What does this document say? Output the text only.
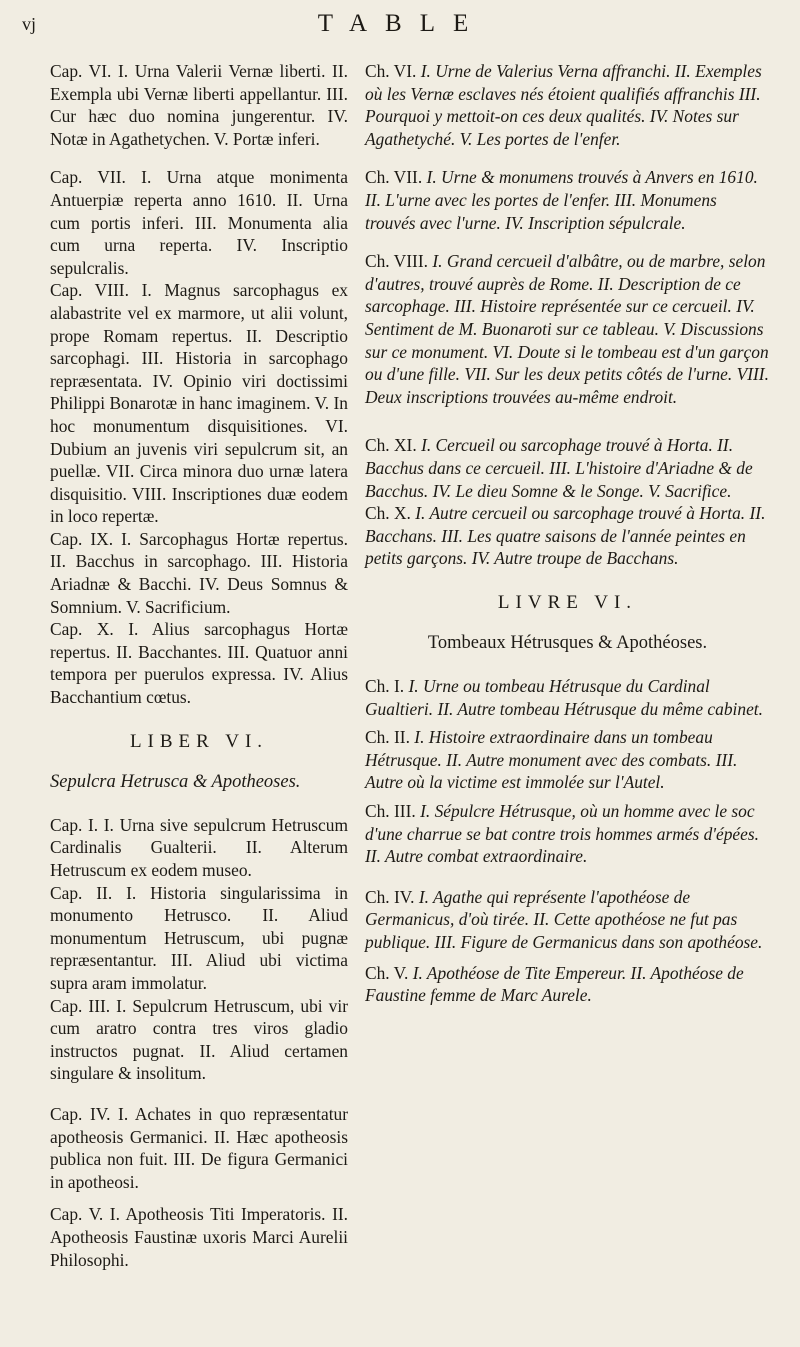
vj	TABLE

Cap. VI. I. Urna Valerii Vernæ liberti. II. Exempla ubi Vernæ liberti appellantur. III. Cur hæc duo nomina jungerentur. IV. Notæ in Agathetychen. V. Portæ inferi.

Cap. VII. I. Urna atque monimenta Antuerpiæ reperta anno 1610. II. Urna cum portis inferi. III. Monumenta alia cum urna reperta. IV. Inscriptio sepulcralis.

Cap. VIII. I. Magnus sarcophagus ex alabastrite vel ex marmore, ut alii volunt, prope Romam repertus. II. Descriptio sarcophagi. III. Historia in sarcophago repræsentata. IV. Opinio viri doctissimi Philippi Bonarotæ in hanc imaginem. V. In hoc monumentum disquisitiones. VI. Dubium an juvenis viri sepulcrum sit, an puellæ. VII. Circa minora duo urnæ latera disquisitio. VIII. Inscriptiones duæ eodem in loco repertæ.

Cap. IX. I. Sarcophagus Hortæ repertus. II. Bacchus in sarcophago. III. Historia Ariadnæ & Bacchi. IV. Deus Somnus & Somnium. V. Sacrificium.

Cap. X. I. Alius sarcophagus Hortæ repertus. II. Bacchantes. III. Quatuor anni tempora per puerulos expressa. IV. Alius Bacchantium cœtus.

LIBER VI.
Sepulcra Hetrusca & Apotheoses.

Cap. I. I. Urna sive sepulcrum Hetruscum Cardinalis Gualterii. II. Alterum Hetruscum ex eodem museo.

Cap. II. I. Historia singularissima in monumento Hetrusco. II. Aliud monumentum Hetruscum, ubi pugnæ repræsentantur. III. Aliud ubi victima supra aram immolatur.

Cap. III. I. Sepulcrum Hetruscum, ubi vir cum aratro contra tres viros gladio instructos pugnat. II. Aliud certamen singulare & insolitum.

Cap. IV. I. Achates in quo repræsentatur apotheosis Germanici. II. Hæc apotheosis publica non fuit. III. De figura Germanici in apotheosi.

Cap. V. I. Apotheosis Titi Imperatoris. II. Apotheosis Faustinæ uxoris Marci Aurelii Philosophi.

Ch. VI. I. Urne de Valerius Verna affranchi. II. Exemples où les Vernæ esclaves nés étoient qualifiés affranchis III. Pourquoi y mettoit-on ces deux qualités. IV. Notes sur Agathetyché. V. Les portes de l'enfer.

Ch. VII. I. Urne & monumens trouvés à Anvers en 1610. II. L'urne avec les portes de l'enfer. III. Monumens trouvés avec l'urne. IV. Inscription sépulcrale.

Ch. VIII. I. Grand cercueil d'albâtre, ou de marbre, selon d'autres, trouvé auprès de Rome. II. Description de ce sarcophage. III. Histoire représentée sur ce cercueil. IV. Sentiment de M. Buonaroti sur ce tableau. V. Discussions sur ce monument. VI. Doute si le tombeau est d'un garçon ou d'une fille. VII. Sur les deux petits côtés de l'urne. VIII. Deux inscriptions trouvées au-même endroit.

Ch. XI. I. Cercueil ou sarcophage trouvé à Horta. II. Bacchus dans ce cercueil. III. L'histoire d'Ariadne & de Bacchus. IV. Le dieu Somne & le Songe. V. Sacrifice.

Ch. X. I. Autre cercueil ou sarcophage trouvé à Horta. II. Bacchans. III. Les quatre saisons de l'année peintes en petits garçons. IV. Autre troupe de Bacchans.

LIVRE VI.
Tombeaux Hétrusques & Apothéoses.

Ch. I. I. Urne ou tombeau Hétrusque du Cardinal Gualtieri. II. Autre tombeau Hétrusque du même cabinet.

Ch. II. I. Histoire extraordinaire dans un tombeau Hétrusque. II. Autre monument avec des combats. III. Autre où la victime est immolée sur l'Autel.

Ch. III. I. Sépulcre Hétrusque, où un homme avec le soc d'une charrue se bat contre trois hommes armés d'épées. II. Autre combat extraordinaire.

Ch. IV. I. Agathe qui représente l'apothéose de Germanicus, d'où tirée. II. Cette apothéose ne fut pas publique. III. Figure de Germanicus dans son apothéose.

Ch. V. I. Apothéose de Tite Empereur. II. Apothéose de Faustine femme de Marc Aurele.
